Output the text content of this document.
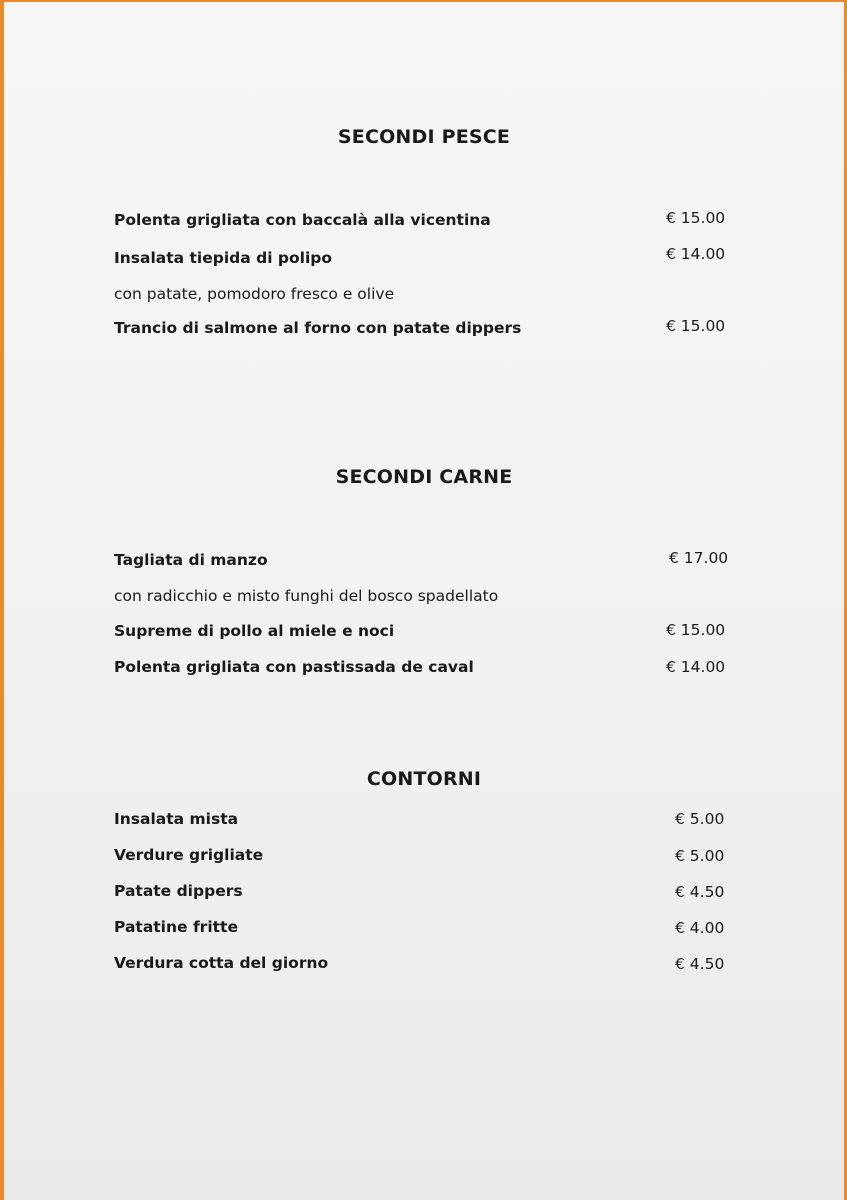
SECONDI PESCE
Polenta grigliata con baccalà alla vicentina	€ 15.00
Insalata tiepida di polipo	€ 14.00
con patate, pomodoro fresco e olive
Trancio di salmone al forno con patate dippers	€ 15.00
SECONDI CARNE
Tagliata di manzo	€ 17.00
con radicchio e misto funghi del bosco spadellato
Supreme di pollo al miele e noci	€ 15.00
Polenta grigliata con pastissada de caval	€ 14.00
CONTORNI
Insalata mista	€ 5.00
Verdure grigliate	€ 5.00
Patate dippers	€ 4.50
Patatine fritte	€ 4.00
Verdura cotta del giorno	€ 4.50
